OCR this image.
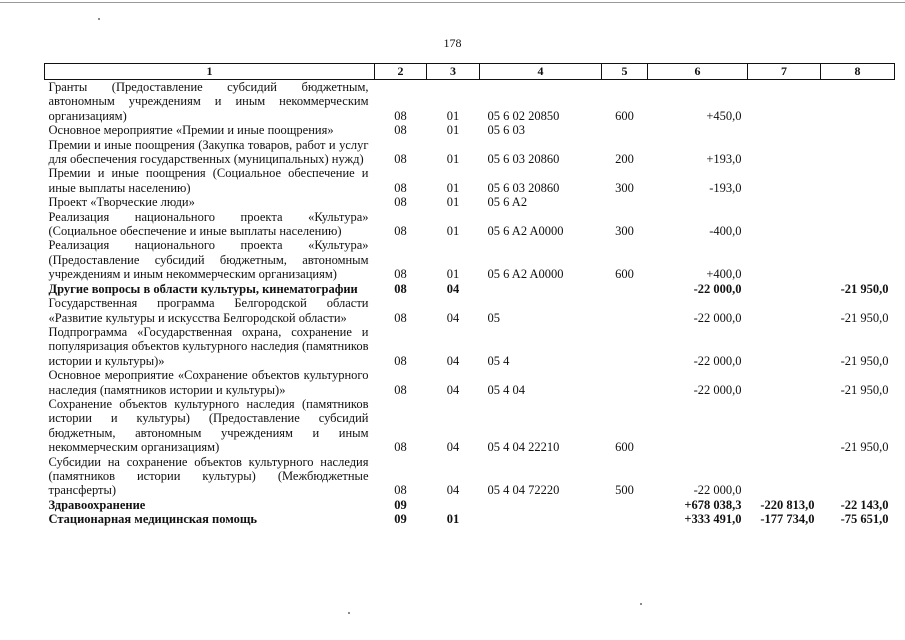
178
1	2	3	4	5	6	7	8
Гранты (Предоставление субсидий бюджетным, автономным учреждениям и иным некоммерческим организациям)	08	01	05 6 02 20850	600	+450,0		
Основное мероприятие «Премии и иные поощрения»	08	01	05 6 03				
Премии и иные поощрения (Закупка товаров, работ и услуг для обеспечения государственных (муниципальных) нужд)	08	01	05 6 03 20860	200	+193,0		
Премии и иные поощрения (Социальное обеспечение и иные выплаты населению)	08	01	05 6 03 20860	300	-193,0		
Проект «Творческие люди»	08	01	05 6 A2				
Реализация национального проекта «Культура» (Социальное обеспечение и иные выплаты населению)	08	01	05 6 A2 A0000	300	-400,0		
Реализация национального проекта «Культура» (Предоставление субсидий бюджетным, автономным учреждениям и иным некоммерческим организациям)	08	01	05 6 A2 A0000	600	+400,0		
Другие вопросы в области культуры, кинематографии	08	04			-22 000,0		-21 950,0
Государственная программа Белгородской области «Развитие культуры и искусства Белгородской области»	08	04	05		-22 000,0		-21 950,0
Подпрограмма «Государственная охрана, сохранение и популяризация объектов культурного наследия (памятников истории и культуры)»	08	04	05 4		-22 000,0		-21 950,0
Основное мероприятие «Сохранение объектов культурного наследия (памятников истории и культуры)»	08	04	05 4 04		-22 000,0		-21 950,0
Сохранение объектов культурного наследия (памятников истории и культуры) (Предоставление субсидий бюджетным, автономным учреждениям и иным некоммерческим организациям)	08	04	05 4 04 22210	600			-21 950,0
Субсидии на сохранение объектов культурного наследия (памятников истории культуры) (Межбюджетные трансферты)	08	04	05 4 04 72220	500	-22 000,0		
Здравоохранение	09				+678 038,3	-220 813,0	-22 143,0
Стационарная медицинская помощь	09	01			+333 491,0	-177 734,0	-75 651,0
